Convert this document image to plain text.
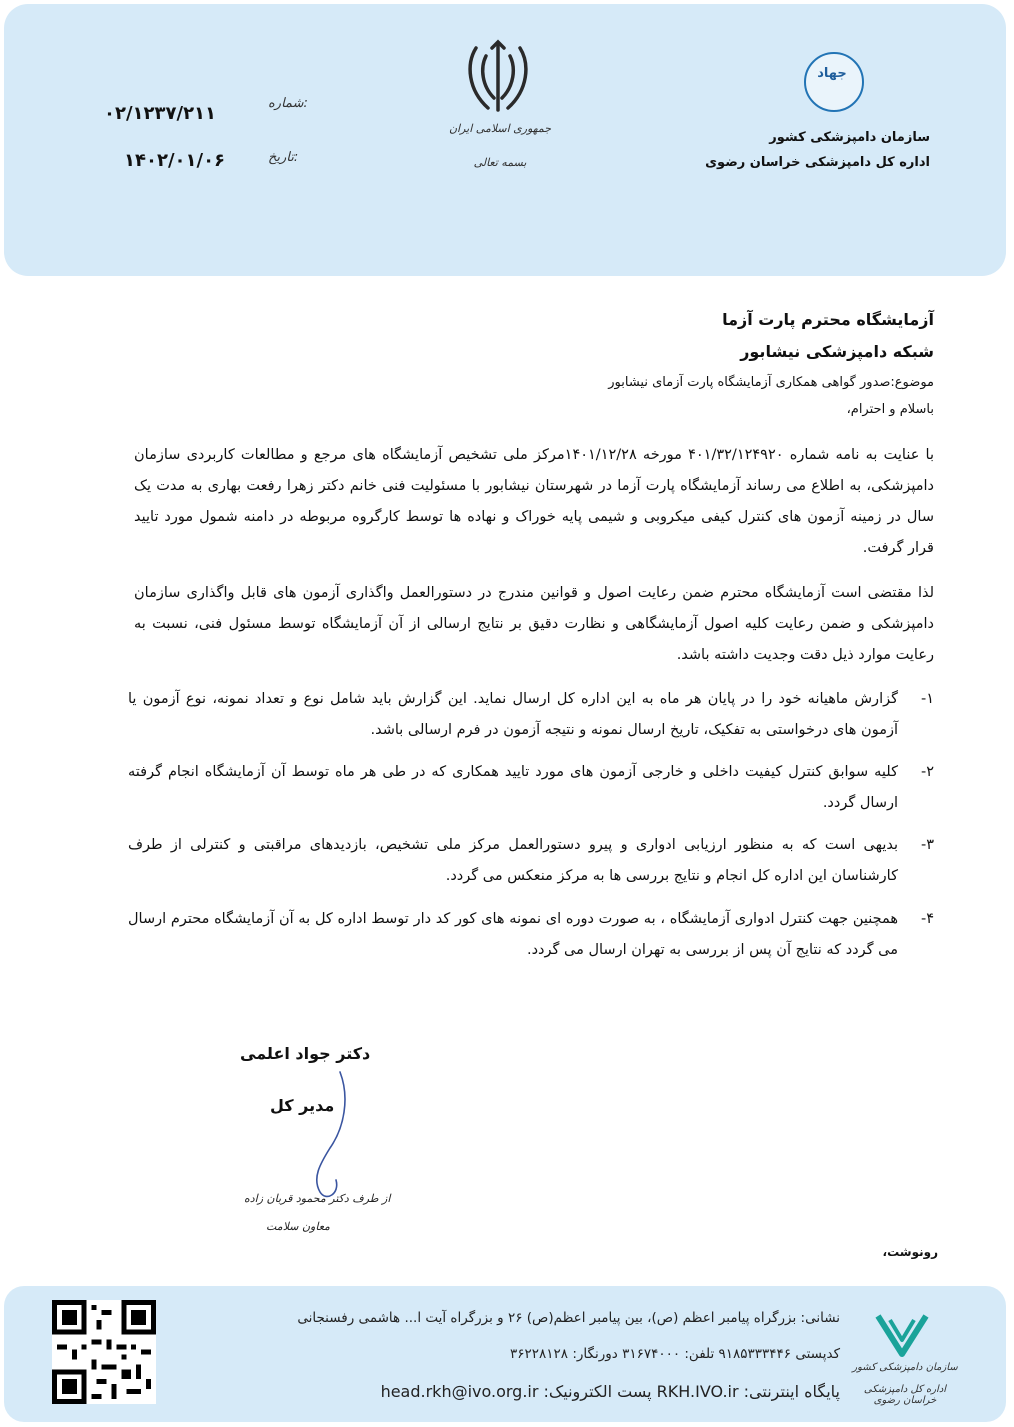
شماره:
۰۲/۱۲۳۷/۲۱۱
تاریخ:
۱۴۰۲/۰۱/۰۶
جمهوری اسلامی ایران
بسمه تعالی
جهاد
سازمان دامپزشکی کشور
اداره کل دامپزشکی خراسان رضوی
آزمایشگاه محترم پارت آزما
شبکه دامپزشکی نیشابور
موضوع:صدور گواهی همکاری آزمایشگاه پارت آزمای نیشابور
باسلام و احترام،
با عنایت به نامه شماره ۴۰۱/۳۲/۱۲۴۹۲۰ مورخه ۱۴۰۱/۱۲/۲۸مرکز ملی تشخیص آزمایشگاه های مرجع و مطالعات کاربردی سازمان دامپزشکی، به اطلاع می رساند آزمایشگاه پارت آزما در شهرستان نیشابور با مسئولیت فنی خانم دکتر زهرا رفعت بهاری به مدت یک سال در زمینه آزمون های کنترل کیفی میکروبی و شیمی پایه خوراک و نهاده ها توسط کارگروه مربوطه در دامنه شمول مورد تایید قرار گرفت.
لذا مقتضی است آزمایشگاه محترم ضمن رعایت اصول و قوانین مندرج در دستورالعمل واگذاری آزمون های قابل واگذاری سازمان دامپزشکی و ضمن رعایت کلیه اصول آزمایشگاهی و نظارت دقیق بر نتایج ارسالی از آن آزمایشگاه توسط مسئول فنی، نسبت به رعایت موارد ذیل دقت وجدیت داشته باشد.
۱-
گزارش ماهیانه خود را در پایان هر ماه به این اداره کل ارسال نماید. این گزارش باید شامل نوع و تعداد نمونه، نوع آزمون یا آزمون های درخواستی به تفکیک، تاریخ ارسال نمونه و نتیجه آزمون در فرم ارسالی باشد.
۲-
کلیه سوابق کنترل کیفیت داخلی و خارجی آزمون های مورد تایید همکاری که در طی هر ماه توسط آن آزمایشگاه انجام گرفته ارسال گردد.
۳-
بدیهی است که به منظور ارزیابی ادواری و پیرو دستورالعمل مرکز ملی تشخیص، بازدیدهای مراقبتی و کنترلی از طرف کارشناسان این اداره کل انجام و نتایج بررسی ها به مرکز منعکس می گردد.
۴-
همچنین جهت کنترل ادواری آزمایشگاه ، به صورت دوره ای نمونه های کور کد دار توسط اداره کل به آن آزمایشگاه محترم ارسال می گردد که نتایج آن پس از بررسی به تهران ارسال می گردد.
دکتر جواد اعلمی
مدیر کل
از طرف دکتر محمود قربان زاده
معاون سلامت
رونوشت،
نشانی: بزرگراه پیامبر اعظم (ص)، بین پیامبر اعظم(ص) ۲۶ و بزرگراه آیت ا... هاشمی رفسنجانی
کدپستی ۹۱۸۵۳۳۳۴۴۶ تلفن: ۳۱۶۷۴۰۰۰ دورنگار: ۳۶۲۲۸۱۲۸
پایگاه اینترنتی: RKH.IVO.ir پست الکترونیک: head.rkh@ivo.org.ir
سازمان دامپزشکی کشور
اداره کل دامپزشکی خراسان رضوی
